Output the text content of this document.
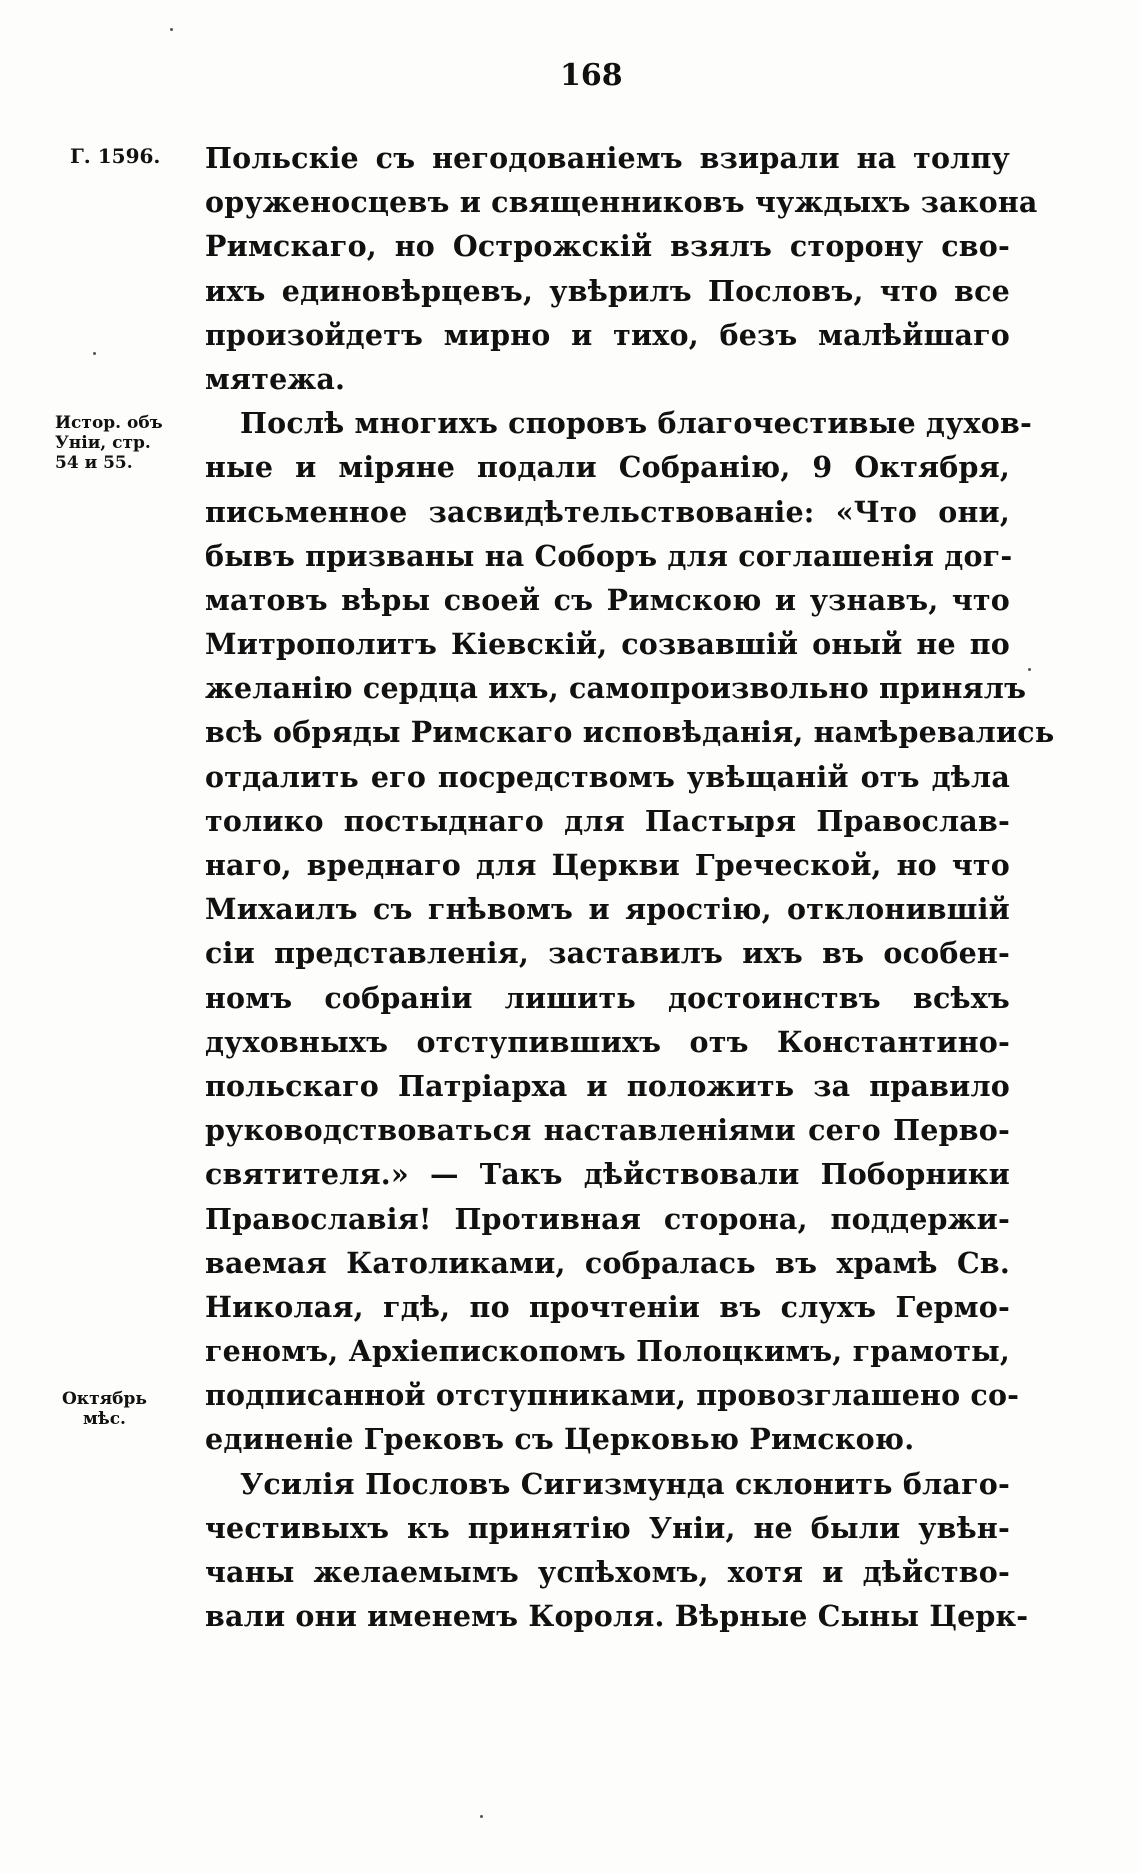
168
Г. 1596.
Истор. объ
Уніи, стр.
54 и 55.
Октябрь
мѣс.
Польскіе съ негодованіемъ взирали на толпу
оруженосцевъ и священниковъ чуждыхъ закона
Римскаго, но Острожскій взялъ сторону сво-
ихъ единовѣрцевъ, увѣрилъ Пословъ, что все
произойдетъ мирно и тихо, безъ малѣйшаго
мятежа.
Послѣ многихъ споровъ благочестивые духов-
ные и міряне подали Собранію, 9 Октября,
письменное засвидѣтельствованіе: «Что они,
бывъ призваны на Соборъ для соглашенія дог-
матовъ вѣры своей съ Римскою и узнавъ, что
Митрополитъ Кіевскій, созвавшій оный не по
желанію сердца ихъ, самопроизвольно принялъ
всѣ обряды Римскаго исповѣданія, намѣревались
отдалить его посредствомъ увѣщаній отъ дѣла
толико постыднаго для Пастыря Православ-
наго, вреднаго для Церкви Греческой, но что
Михаилъ съ гнѣвомъ и яростію, отклонившій
сіи представленія, заставилъ ихъ въ особен-
номъ собраніи лишить достоинствъ всѣхъ
духовныхъ отступившихъ отъ Константино-
польскаго Патріарха и положить за правило
руководствоваться наставленіями сего Перво-
святителя.» — Такъ дѣйствовали Поборники
Православія! Противная сторона, поддержи-
ваемая Католиками, собралась въ храмѣ Св.
Николая, гдѣ, по прочтеніи въ слухъ Гермо-
геномъ, Архіепископомъ Полоцкимъ, грамоты,
подписанной отступниками, провозглашено со-
единеніе Грековъ съ Церковью Римскою.
Усилія Пословъ Сигизмунда склонить благо-
честивыхъ къ принятію Уніи, не были увѣн-
чаны желаемымъ успѣхомъ, хотя и дѣйство-
вали они именемъ Короля. Вѣрные Сыны Церк-
